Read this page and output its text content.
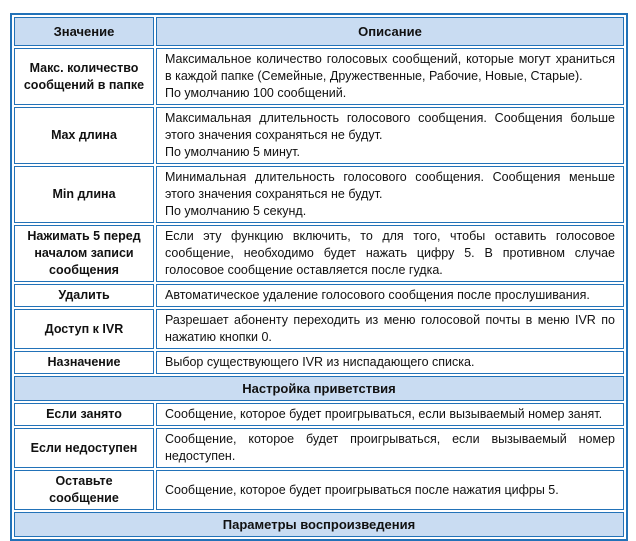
Значение	Описание
Макс. количество сообщений в папке	Максимальное количество голосовых сообщений, которые могут храниться в каждой папке (Семейные, Дружественные, Рабочие, Новые, Старые).
По умолчанию 100 сообщений.

Max длина	Максимальная длительность голосового сообщения. Сообщения больше этого значения сохраняться не будут.
По умолчанию 5 минут.

Min длина	Минимальная длительность голосового сообщения. Сообщения меньше этого значения сохраняться не будут.
По умолчанию 5 секунд.

Нажимать 5 перед началом записи сообщения	Если эту функцию включить, то для того, чтобы оставить голосовое сообщение, необходимо будет нажать цифру 5. В противном случае голосовое сообщение оставляется после гудка.

Удалить	Автоматическое удаление голосового сообщения после прослушивания.

Доступ к IVR	Разрешает абоненту переходить из меню голосовой почты в меню IVR по нажатию кнопки 0.

Назначение	Выбор существующего IVR из ниспадающего списка.

Настройка приветствия	
Если занято	Сообщение, которое будет проигрываться, если вызываемый номер занят.

Если недоступен	Сообщение, которое будет проигрываться, если вызываемый номер недоступен.

Оставьте сообщение	Сообщение, которое будет проигрываться после нажатия цифры 5.

Параметры воспроизведения	
